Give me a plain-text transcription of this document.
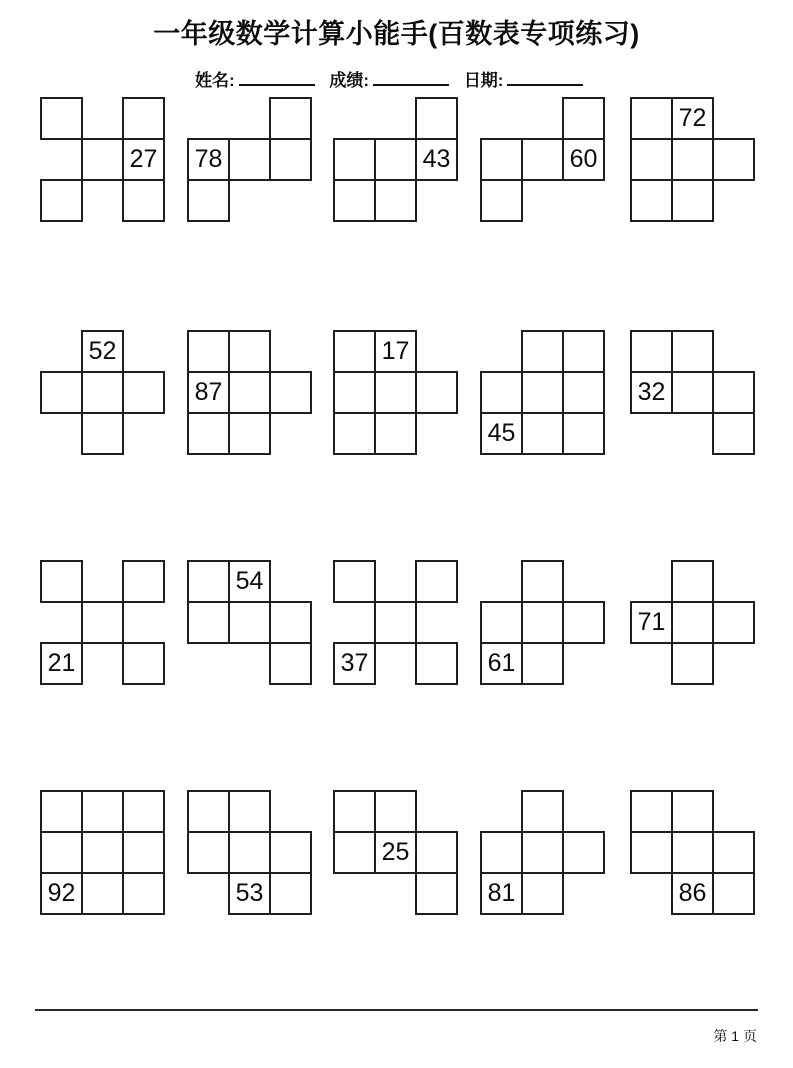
一年级数学计算小能手(百数表专项练习)
姓名:	成绩:	日期:
27	78	43	60
72
52
87
17
45
32
21
54
37	61
71
92	53
25
81	86
第 1 页
